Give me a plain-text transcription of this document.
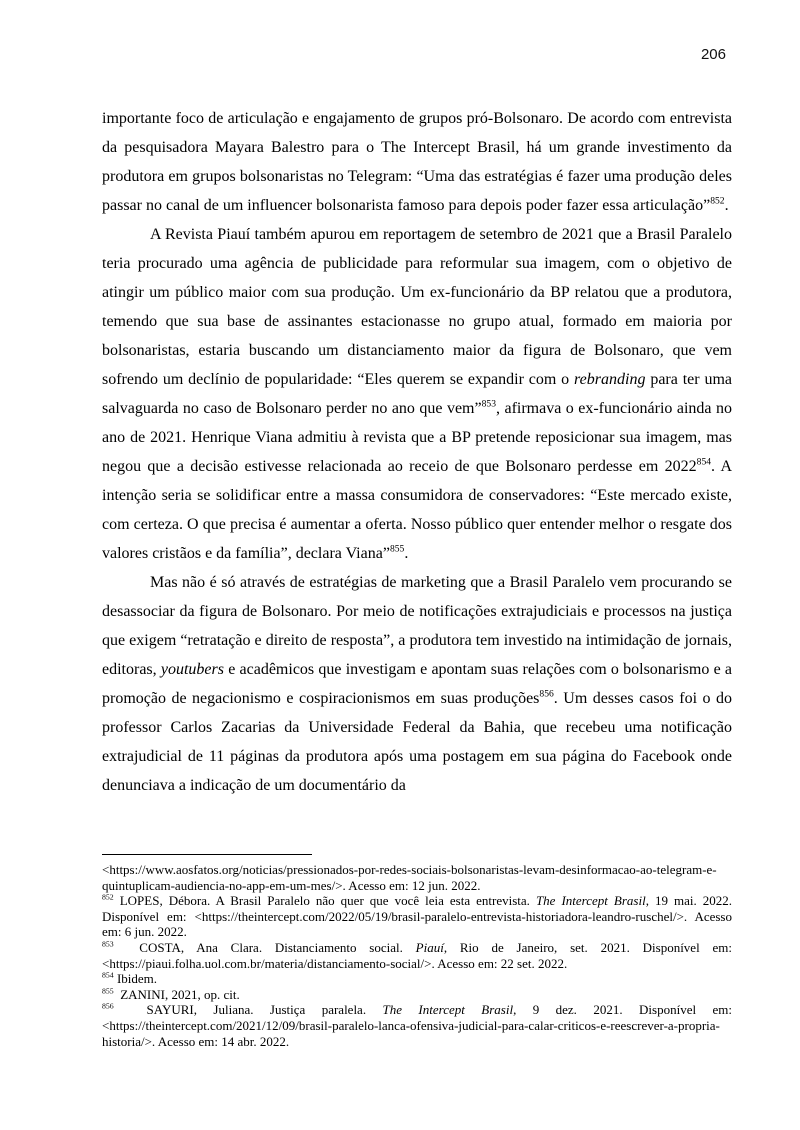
206

importante foco de articulação e engajamento de grupos pró-Bolsonaro. De acordo com entrevista da pesquisadora Mayara Balestro para o The Intercept Brasil, há um grande investimento da produtora em grupos bolsonaristas no Telegram: “Uma das estratégias é fazer uma produção deles passar no canal de um influencer bolsonarista famoso para depois poder fazer essa articulação”$^{852}$.

A Revista Piauí também apurou em reportagem de setembro de 2021 que a Brasil Paralelo teria procurado uma agência de publicidade para reformular sua imagem, com o objetivo de atingir um público maior com sua produção. Um ex-funcionário da BP relatou que a produtora, temendo que sua base de assinantes estacionasse no grupo atual, formado em maioria por bolsonaristas, estaria buscando um distanciamento maior da figura de Bolsonaro, que vem sofrendo um declínio de popularidade: “Eles querem se expandir com o rebranding para ter uma salvaguarda no caso de Bolsonaro perder no ano que vem”$^{853}$, afirmava o ex-funcionário ainda no ano de 2021. Henrique Viana admitiu à revista que a BP pretende reposicionar sua imagem, mas negou que a decisão estivesse relacionada ao receio de que Bolsonaro perdesse em 2022$^{854}$. A intenção seria se solidificar entre a massa consumidora de conservadores: “Este mercado existe, com certeza. O que precisa é aumentar a oferta. Nosso público quer entender melhor o resgate dos valores cristãos e da família”, declara Viana”$^{855}$.

Mas não é só através de estratégias de marketing que a Brasil Paralelo vem procurando se desassociar da figura de Bolsonaro. Por meio de notificações extrajudiciais e processos na justiça que exigem “retratação e direito de resposta”, a produtora tem investido na intimidação de jornais, editoras, youtubers e acadêmicos que investigam e apontam suas relações com o bolsonarismo e a promoção de negacionismo e cospiracionismos em suas produções$^{856}$. Um desses casos foi o do professor Carlos Zacarias da Universidade Federal da Bahia, que recebeu uma notificação extrajudicial de 11 páginas da produtora após uma postagem em sua página do Facebook onde denunciava a indicação de um documentário da

<https://www.aosfatos.org/noticias/pressionados-por-redes-sociais-bolsonaristas-levam-desinformacao-ao-telegram-e-quintuplicam-audiencia-no-app-em-um-mes/>. Acesso em: 12 jun. 2022.

$^{852}$ LOPES, Débora. A Brasil Paralelo não quer que você leia esta entrevista. The Intercept Brasil, 19 mai. 2022. Disponível em: <https://theintercept.com/2022/05/19/brasil-paralelo-entrevista-historiadora-leandro-ruschel/>. Acesso em: 6 jun. 2022.

$^{853}$  COSTA, Ana Clara. Distanciamento social. Piauí, Rio de Janeiro, set. 2021. Disponível em: <https://piaui.folha.uol.com.br/materia/distanciamento-social/>. Acesso em: 22 set. 2022.

$^{854}$ Ibidem.

$^{855}$  ZANINI, 2021, op. cit.

$^{856}$  SAYURI, Juliana. Justiça paralela. The Intercept Brasil, 9 dez. 2021. Disponível em: <https://theintercept.com/2021/12/09/brasil-paralelo-lanca-ofensiva-judicial-para-calar-criticos-e-reescrever-a-propria-historia/>. Acesso em: 14 abr. 2022.
